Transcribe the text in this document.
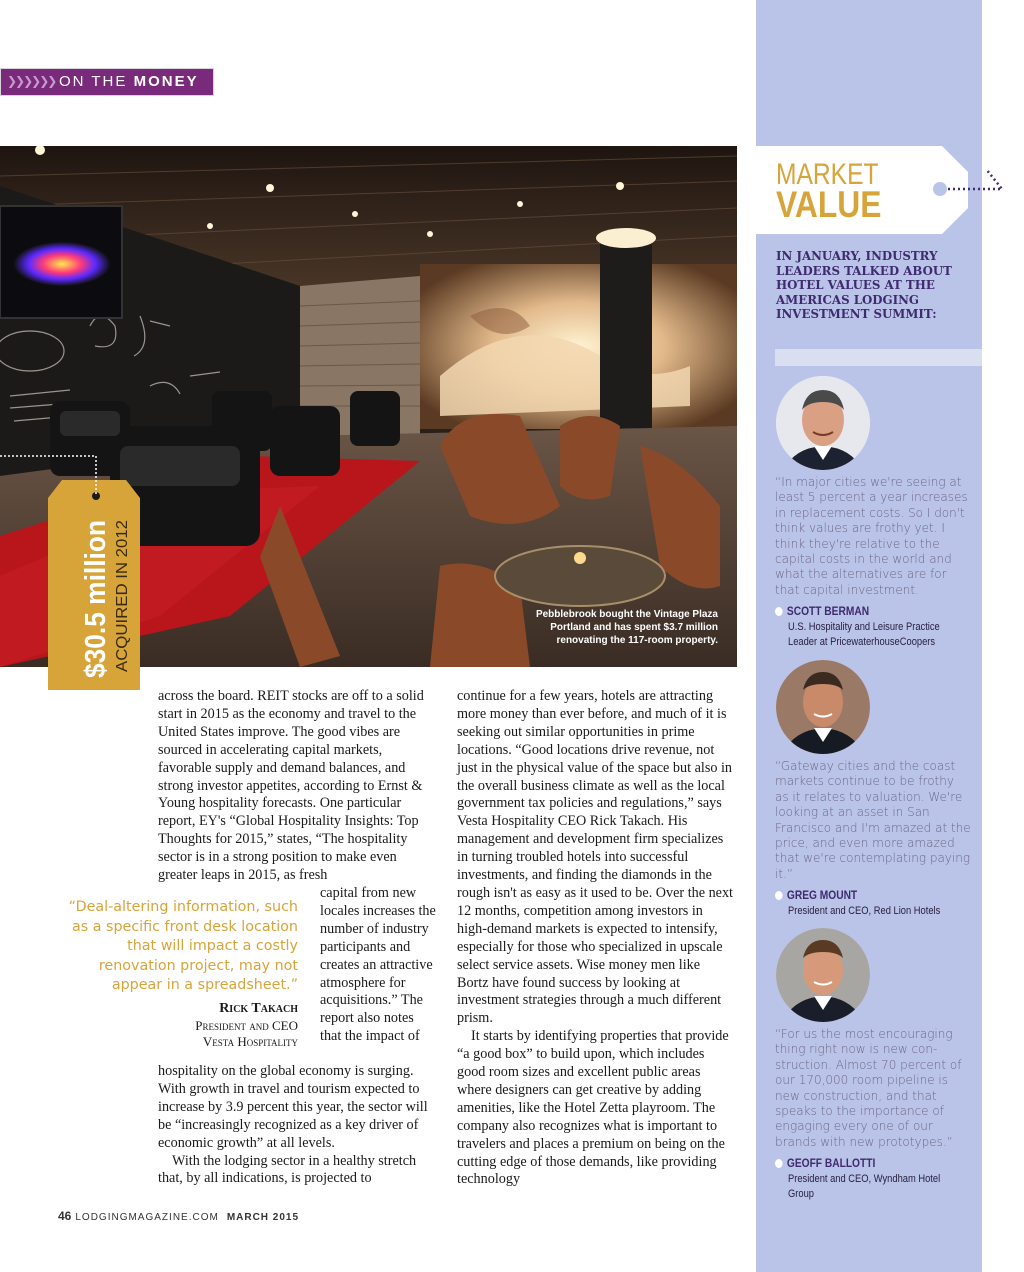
❯❯❯❯❯❯ ON THE MONEY
Pebblebrook bought the Vintage Plaza Portland and has spent $3.7 million renovating the 117-room property.
$30.5 million ACQUIRED IN 2012

across the board. REIT stocks are off to a solid start in 2015 as the economy and travel to the United States improve. The good vibes are sourced in accelerating capital markets, favorable supply and demand balances, and strong investor appetites, according to Ernst & Young hospitality forecasts. One particular report, EY's “Global Hospitality Insights: Top Thoughts for 2015,” states, “The hospitality sector is in a strong position to make even greater leaps in 2015, as fresh

capital from new locales increases the number of industry participants and creates an attractive atmosphere for acquisitions.” The report also notes that the impact of

hospitality on the global economy is surging. With growth in travel and tourism expected to increase by 3.9 percent this year, the sector will be “increasingly recognized as a key driver of economic growth” at all levels.
With the lodging sector in a healthy stretch that, by all indications, is projected to
continue for a few years, hotels are attracting more money than ever before, and much of it is seeking out similar opportunities in prime locations. “Good locations drive revenue, not just in the physical value of the space but also in the overall business climate as well as the local government tax policies and regulations,” says Vesta Hospitality CEO Rick Takach. His management and development firm specializes in turning troubled hotels into successful investments, and finding the diamonds in the rough isn't as easy as it used to be. Over the next 12 months, competition among investors in high-demand markets is expected to intensify, especially for those who specialized in upscale select service assets. Wise money men like Bortz have found success by looking at investment strategies through a much different prism.
It starts by identifying properties that provide “a good box” to build upon, which includes good room sizes and excellent public areas where designers can get creative by adding amenities, like the Hotel Zetta playroom. The company also recognizes what is important to travelers and places a premium on being on the cutting edge of those demands, like providing technology
“Deal-altering information, such as a specific front desk location that will impact a costly renovation project, may not appear in a spreadsheet.”
Rick Takach
President and CEO
Vesta Hospitality
46 LODGINGMAGAZINE.COM MARCH 2015
MARKET
VALUE
IN JANUARY, INDUSTRY LEADERS TALKED ABOUT HOTEL VALUES AT THE AMERICAS LODGING INVESTMENT SUMMIT:
“In major cities we're seeing at least 5 percent a year increases in replacement costs. So I don't think values are frothy yet. I think they're relative to the capital costs in the world and what the alternatives are for that capital investment.
SCOTT BERMAN
U.S. Hospitality and Leisure Practice Leader at PricewaterhouseCoopers
“Gateway cities and the coast markets continue to be frothy as it relates to valuation. We're looking at an asset in San Francisco and I'm amazed at the price, and even more amazed that we're contemplating paying it.”
GREG MOUNT
President and CEO, Red Lion Hotels
“For us the most encouraging thing right now is new construction. Almost 70 percent of our 170,000 room pipeline is new construction, and that speaks to the importance of engaging every one of our brands with new prototypes.”
GEOFF BALLOTTI
President and CEO, Wyndham Hotel Group
